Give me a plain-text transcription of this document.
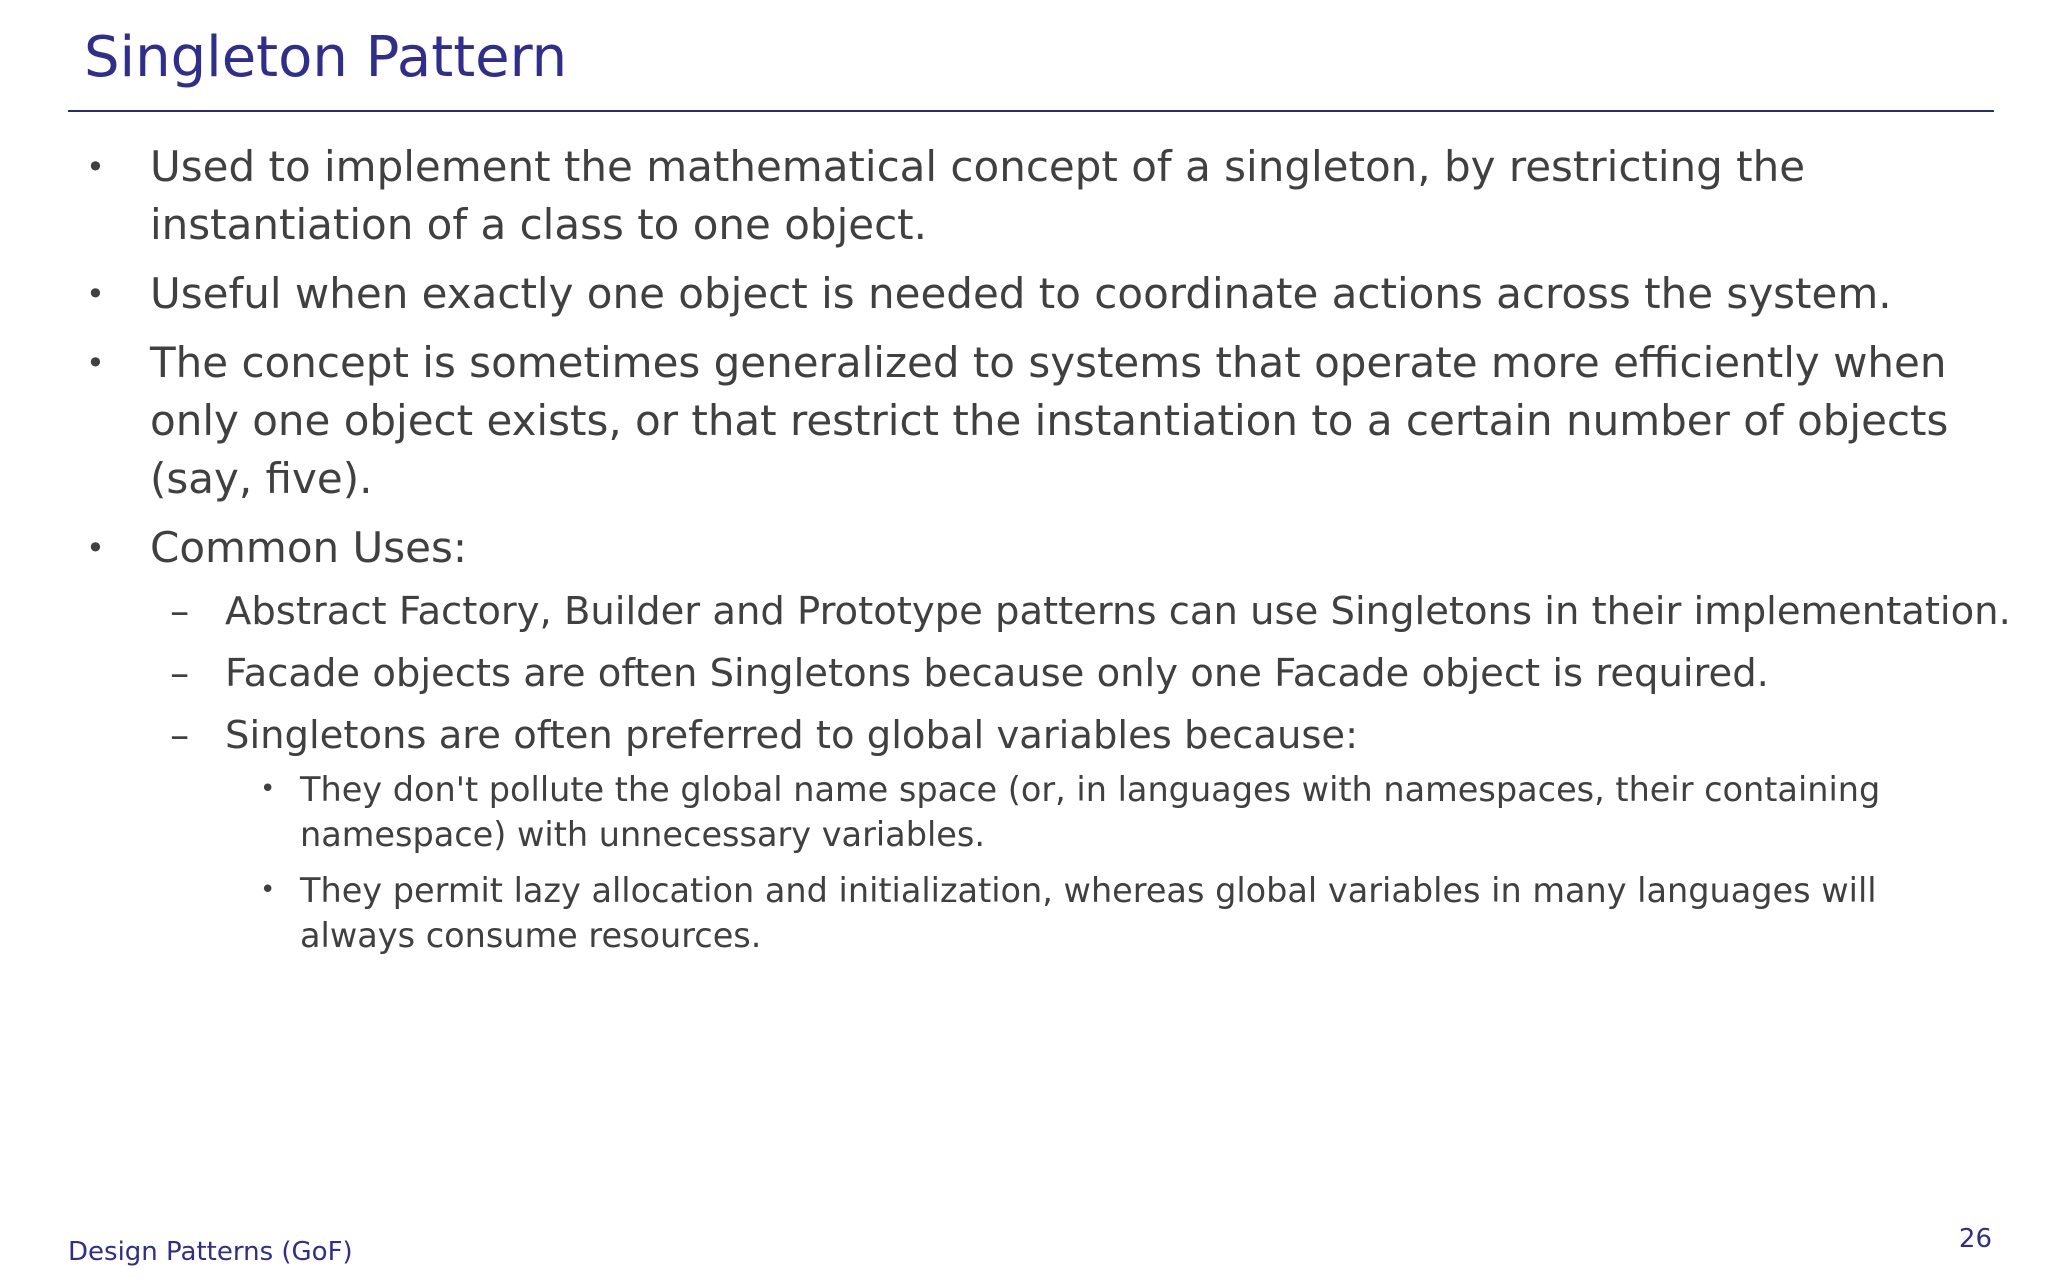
Singleton Pattern
• Used to implement the mathematical concept of a singleton, by restricting the instantiation of a class to one object.
• Useful when exactly one object is needed to coordinate actions across the system.
• The concept is sometimes generalized to systems that operate more efficiently when only one object exists, or that restrict the instantiation to a certain number of objects (say, five).
• Common Uses:
– Abstract Factory, Builder and Prototype patterns can use Singletons in their implementation.
– Facade objects are often Singletons because only one Facade object is required.
– Singletons are often preferred to global variables because:
• They don't pollute the global name space (or, in languages with namespaces, their containing namespace) with unnecessary variables.
• They permit lazy allocation and initialization, whereas global variables in many languages will always consume resources.
Design Patterns (GoF)	26
